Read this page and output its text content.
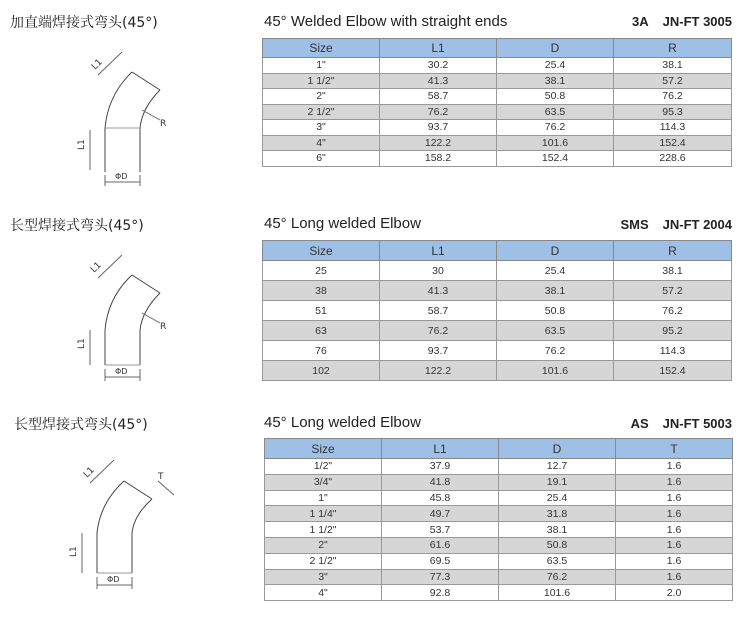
加直端焊接式弯头(45°)
L1
L1
R
ΦD
45° Welded Elbow with straight ends	3A JN-FT 3005
Size	L1	D	R
1"	30.2	25.4	38.1
1 1/2"	41.3	38.1	57.2
2"	58.7	50.8	76.2
2 1/2"	76.2	63.5	95.3
3"	93.7	76.2	114.3
4"	122.2	101.6	152.4
6"	158.2	152.4	228.6
长型焊接式弯头(45°)
L1
L1
R
ΦD
45° Long welded Elbow	SMS JN-FT 2004
Size	L1	D	R
25	30	25.4	38.1
38	41.3	38.1	57.2
51	58.7	50.8	76.2
63	76.2	63.5	95.2
76	93.7	76.2	114.3
102	122.2	101.6	152.4
长型焊接式弯头(45°)
L1
L1
T
ΦD
45° Long welded Elbow	AS JN-FT 5003
Size	L1	D	T
1/2"	37.9	12.7	1.6
3/4"	41.8	19.1	1.6
1"	45.8	25.4	1.6
1 1/4"	49.7	31.8	1.6
1 1/2"	53.7	38.1	1.6
2"	61.6	50.8	1.6
2 1/2"	69.5	63.5	1.6
3"	77.3	76.2	1.6
4"	92.8	101.6	2.0
